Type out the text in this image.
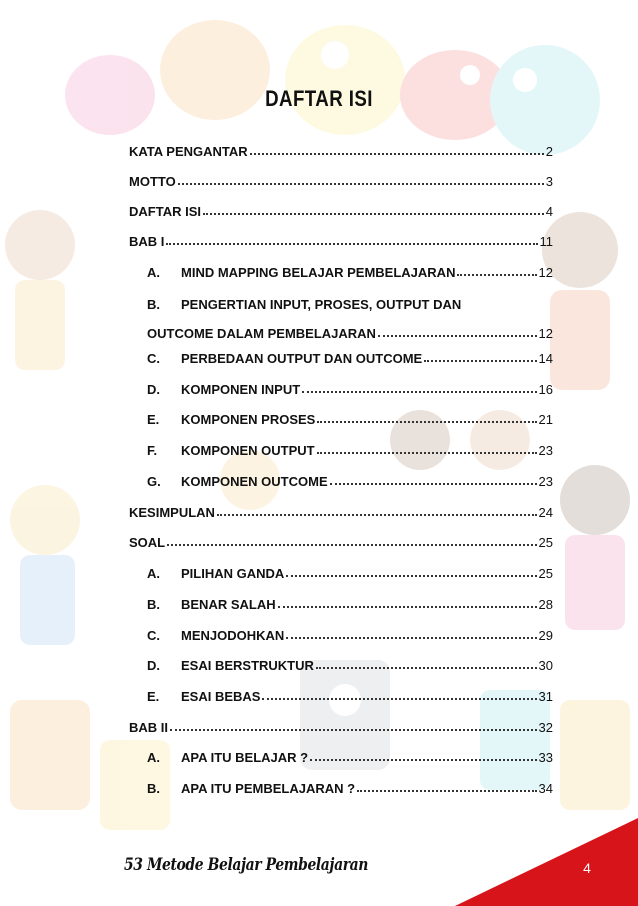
DAFTAR ISI
KATA PENGANTAR	2
MOTTO	3
DAFTAR ISI	4
BAB I	11
A.	MIND MAPPING BELAJAR PEMBELAJARAN	12
B.	PENGERTIAN INPUT, PROSES, OUTPUT DAN
OUTCOME DALAM PEMBELAJARAN	12
C.	PERBEDAAN OUTPUT DAN OUTCOME	14
D.	KOMPONEN INPUT	16
E.	KOMPONEN PROSES	21
F.	KOMPONEN OUTPUT	23
G.	KOMPONEN OUTCOME	23
KESIMPULAN	24
SOAL	25
A.	PILIHAN GANDA	25
B.	BENAR SALAH	28
C.	MENJODOHKAN	29
D.	ESAI BERSTRUKTUR	30
E.	ESAI BEBAS	31
BAB II	32
A.	APA ITU BELAJAR ?	33
B.	APA ITU PEMBELAJARAN ?	34
53 Metode Belajar Pembelajaran	4
